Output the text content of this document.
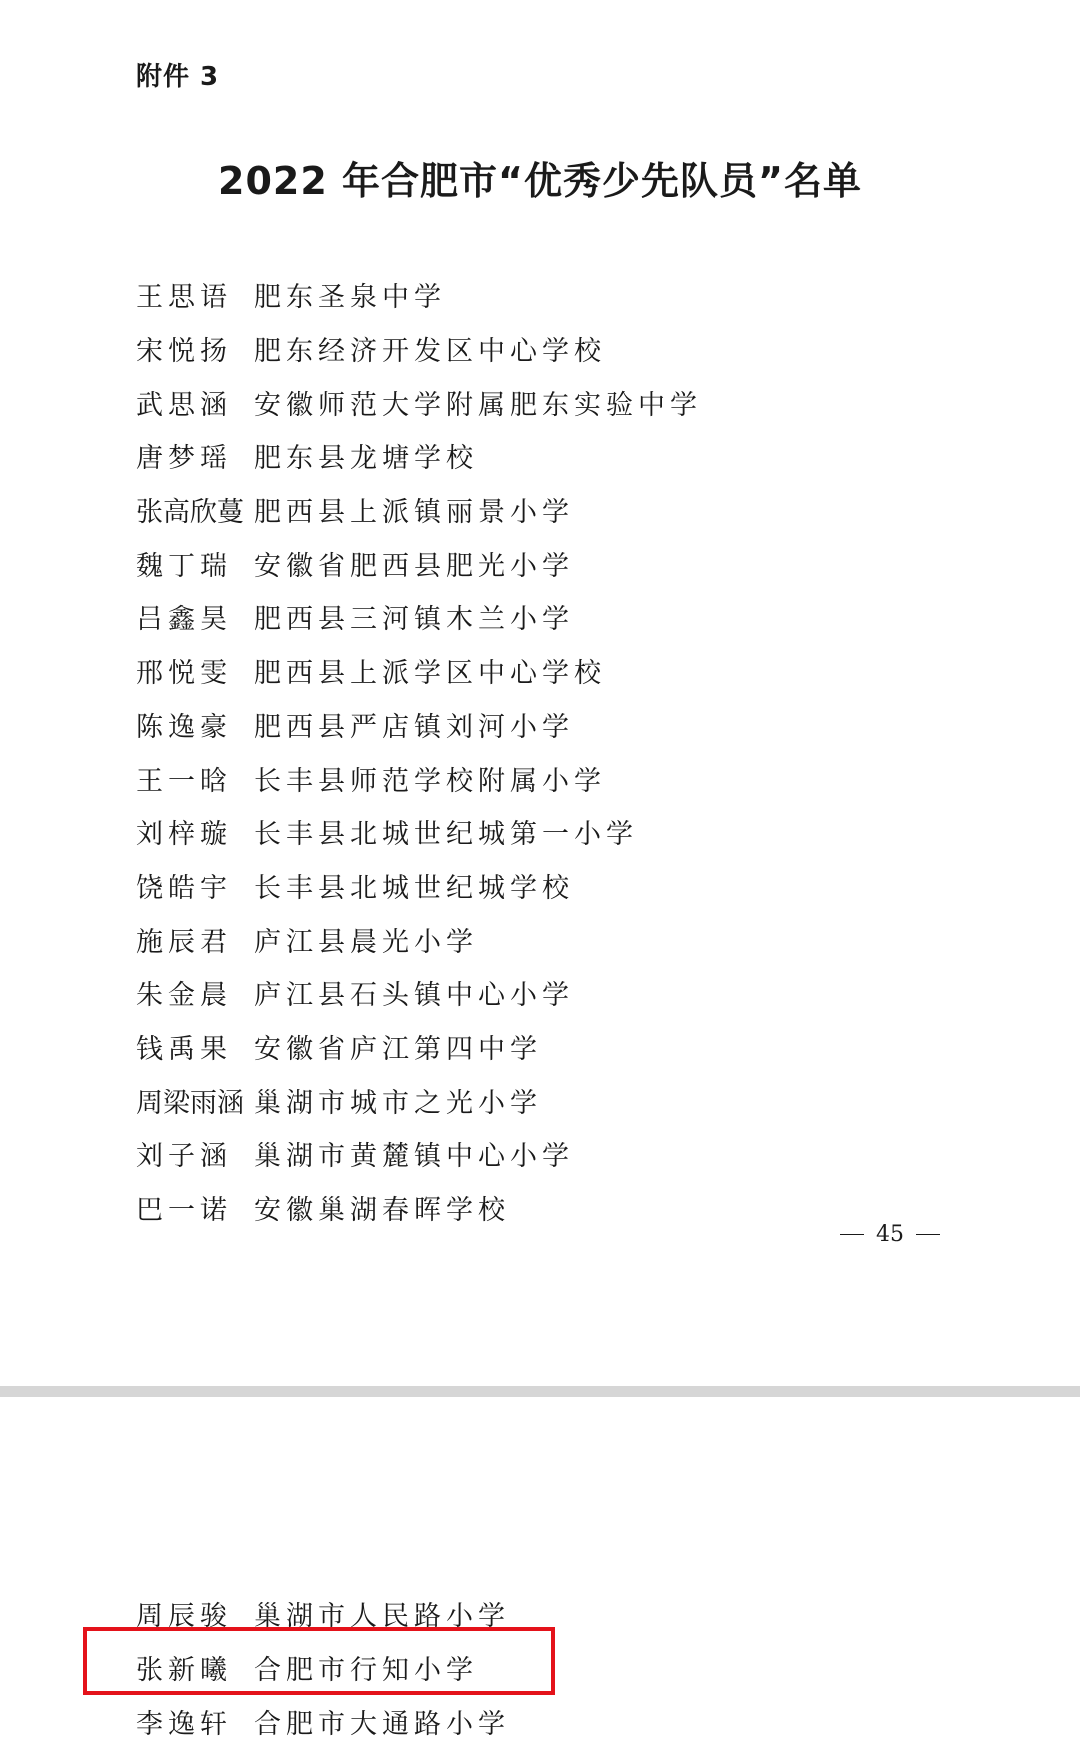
附件 3
2022 年合肥市“优秀少先队员”名单
王思语 肥东圣泉中学
宋悦扬 肥东经济开发区中心学校
武思涵 安徽师范大学附属肥东实验中学
唐梦瑶 肥东县龙塘学校
张高欣蔓 肥西县上派镇丽景小学
魏丁瑞 安徽省肥西县肥光小学
吕鑫昊 肥西县三河镇木兰小学
邢悦雯 肥西县上派学区中心学校
陈逸豪 肥西县严店镇刘河小学
王一晗 长丰县师范学校附属小学
刘梓璇 长丰县北城世纪城第一小学
饶皓宇 长丰县北城世纪城学校
施辰君 庐江县晨光小学
朱金晨 庐江县石头镇中心小学
钱禹果 安徽省庐江第四中学
周梁雨涵 巢湖市城市之光小学
刘子涵 巢湖市黄麓镇中心小学
巴一诺 安徽巢湖春晖学校
45
周辰骏 巢湖市人民路小学
张新曦 合肥市行知小学
李逸轩 合肥市大通路小学
